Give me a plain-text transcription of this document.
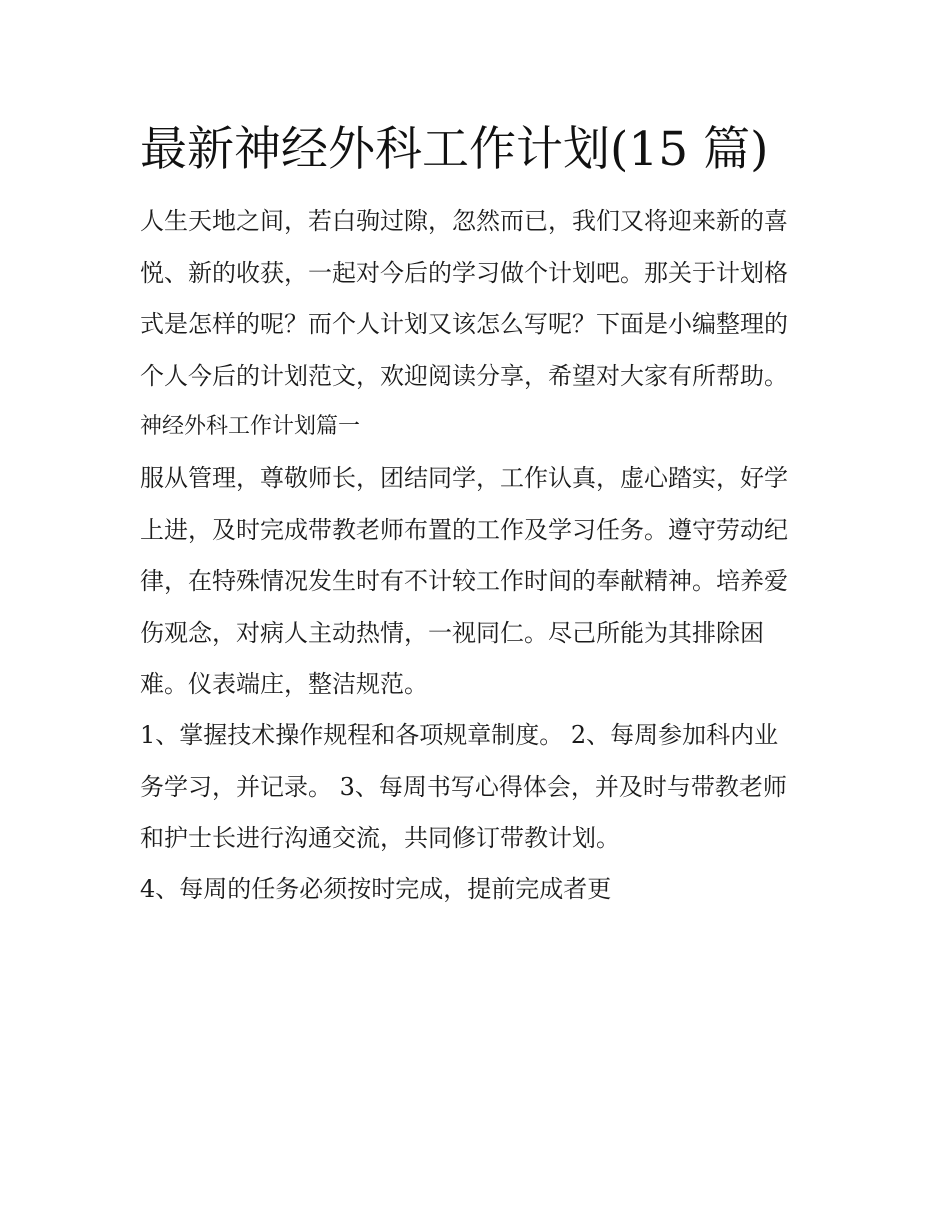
最新神经外科工作计划(15 篇)
人生天地之间，若白驹过隙，忽然而已，我们又将迎来新的喜
悦、新的收获，一起对今后的学习做个计划吧。那关于计划格
式是怎样的呢？而个人计划又该怎么写呢？下面是小编整理的
个人今后的计划范文，欢迎阅读分享，希望对大家有所帮助。
神经外科工作计划篇一
服从管理，尊敬师长，团结同学，工作认真，虚心踏实，好学
上进，及时完成带教老师布置的工作及学习任务。遵守劳动纪
律，在特殊情况发生时有不计较工作时间的奉献精神。培养爱
伤观念，对病人主动热情，一视同仁。尽己所能为其排除困
难。仪表端庄，整洁规范。
1、掌握技术操作规程和各项规章制度。 2、每周参加科内业
务学习，并记录。 3、每周书写心得体会，并及时与带教老师
和护士长进行沟通交流，共同修订带教计划。
4、每周的任务必须按时完成，提前完成者更
